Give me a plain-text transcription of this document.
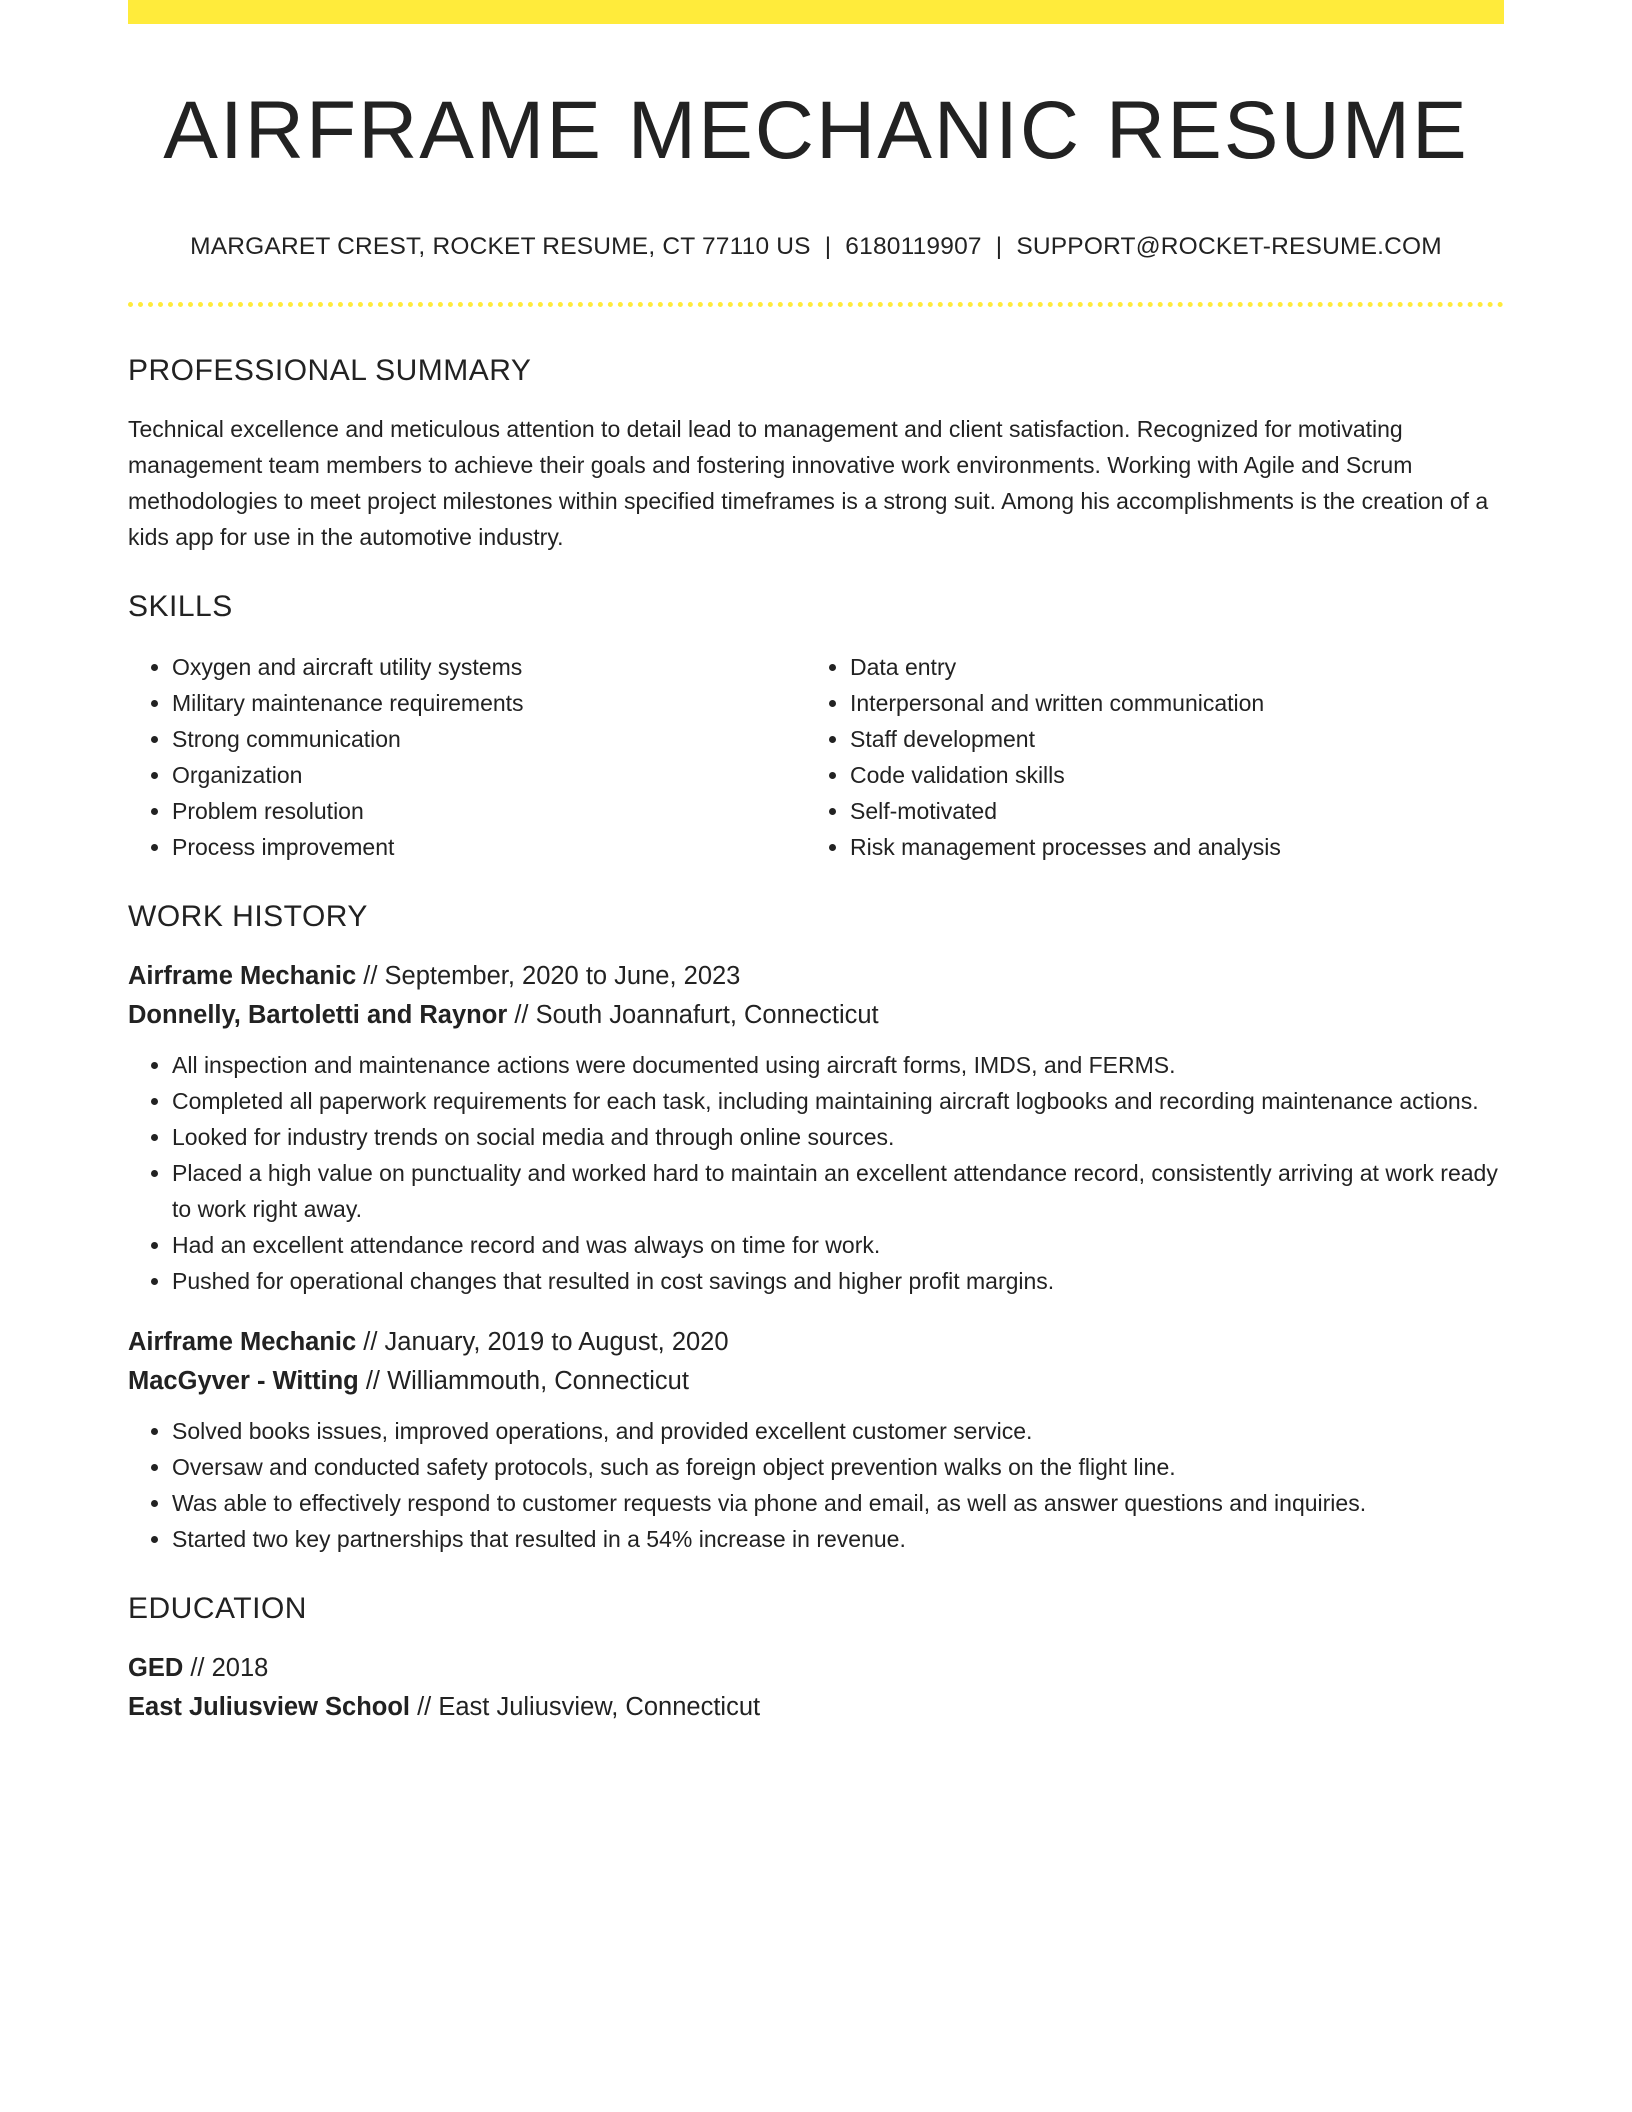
AIRFRAME MECHANIC RESUME
MARGARET CREST, ROCKET RESUME, CT 77110 US | 6180119907 | SUPPORT@ROCKET-RESUME.COM
PROFESSIONAL SUMMARY

Technical excellence and meticulous attention to detail lead to management and client satisfaction. Recognized for motivating management team members to achieve their goals and fostering innovative work environments. Working with Agile and Scrum methodologies to meet project milestones within specified timeframes is a strong suit. Among his accomplishments is the creation of a kids app for use in the automotive industry.

SKILLS
• Oxygen and aircraft utility systems
• Military maintenance requirements
• Strong communication
• Organization
• Problem resolution
• Process improvement
• Data entry
• Interpersonal and written communication
• Staff development
• Code validation skills
• Self-motivated
• Risk management processes and analysis
WORK HISTORY
Airframe Mechanic // September, 2020 to June, 2023
Donnelly, Bartoletti and Raynor // South Joannafurt, Connecticut
• All inspection and maintenance actions were documented using aircraft forms, IMDS, and FERMS.
• Completed all paperwork requirements for each task, including maintaining aircraft logbooks and recording maintenance actions.
• Looked for industry trends on social media and through online sources.
• Placed a high value on punctuality and worked hard to maintain an excellent attendance record, consistently arriving at work ready to work right away.
• Had an excellent attendance record and was always on time for work.
• Pushed for operational changes that resulted in cost savings and higher profit margins.
Airframe Mechanic // January, 2019 to August, 2020
MacGyver - Witting // Williammouth, Connecticut
• Solved books issues, improved operations, and provided excellent customer service.
• Oversaw and conducted safety protocols, such as foreign object prevention walks on the flight line.
• Was able to effectively respond to customer requests via phone and email, as well as answer questions and inquiries.
• Started two key partnerships that resulted in a 54% increase in revenue.
EDUCATION
GED // 2018
East Juliusview School // East Juliusview, Connecticut
